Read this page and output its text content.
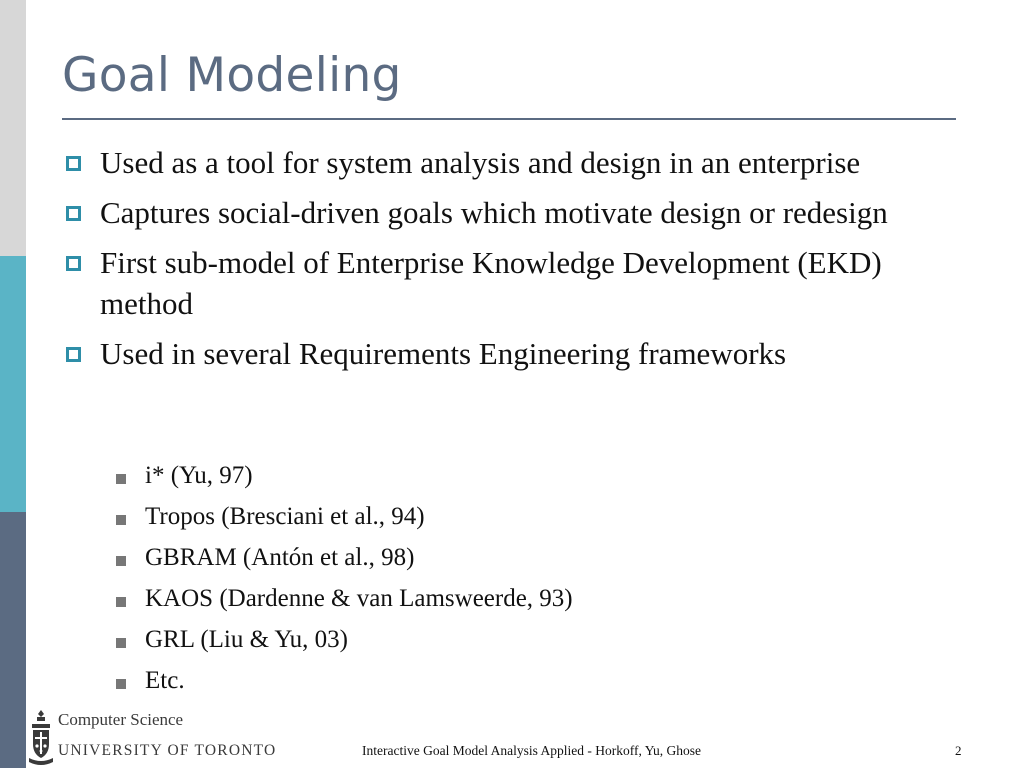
Goal Modeling
Used as a tool for system analysis and design in an enterprise
Captures social-driven goals which motivate design or redesign
First sub-model of Enterprise Knowledge Development (EKD) method
Used in several Requirements Engineering frameworks
i* (Yu, 97)
Tropos (Bresciani et al., 94)
GBRAM (Antón et al., 98)
KAOS (Dardenne & van Lamsweerde, 93)
GRL (Liu & Yu, 03)
Etc.
Computer Science
UNIVERSITY OF TORONTO	Interactive Goal Model Analysis Applied - Horkoff, Yu, Ghose	2
